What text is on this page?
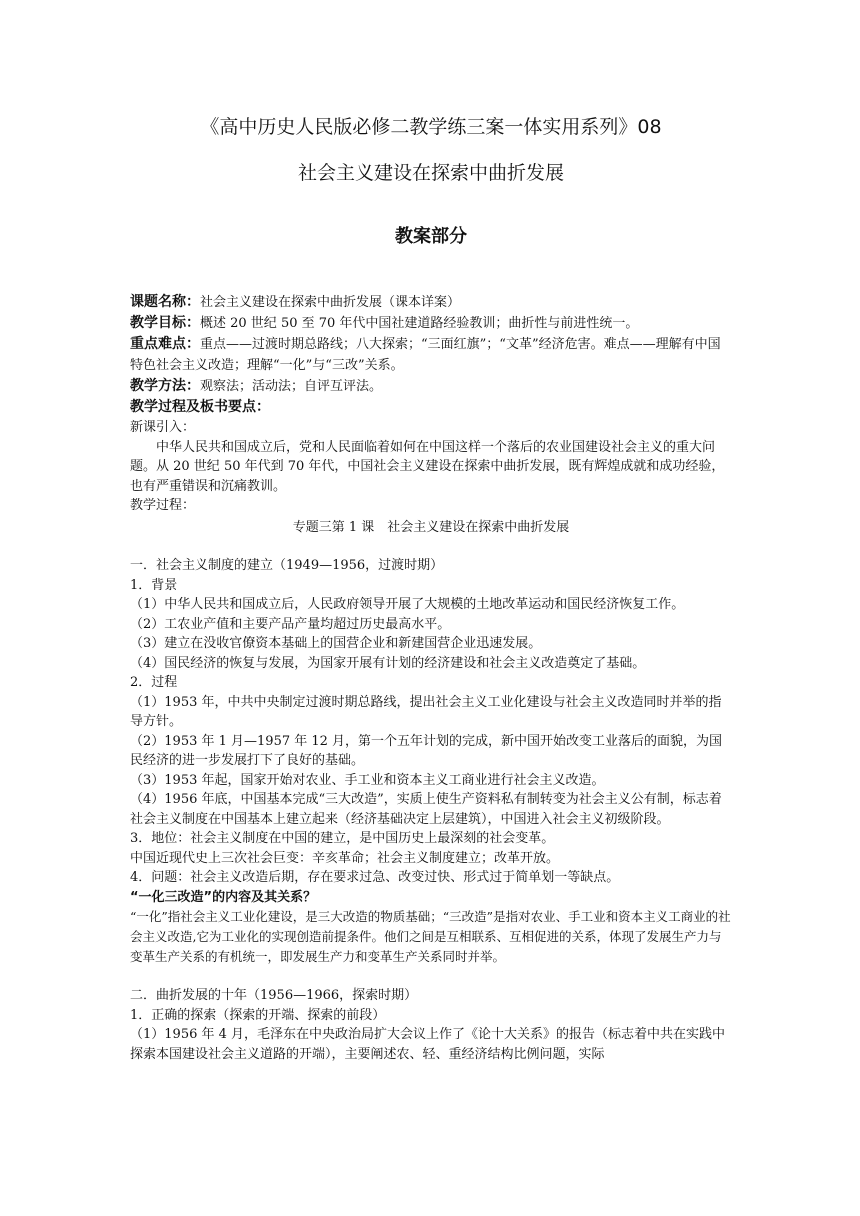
《高中历史人民版必修二教学练三案一体实用系列》08
社会主义建设在探索中曲折发展
教案部分
课题名称：社会主义建设在探索中曲折发展（课本详案）
教学目标：概述 20 世纪 50 至 70 年代中国社建道路经验教训；曲折性与前进性统一。
重点难点：重点——过渡时期总路线；八大探索；“三面红旗”；“文革”经济危害。难点——理解有中国特色社会主义改造；理解“一化”与“三改”关系。
教学方法：观察法；活动法；自评互评法。
教学过程及板书要点：

新课引入：

中华人民共和国成立后，党和人民面临着如何在中国这样一个落后的农业国建设社会主义的重大问题。从 20 世纪 50 年代到 70 年代，中国社会主义建设在探索中曲折发展，既有辉煌成就和成功经验，也有严重错误和沉痛教训。

教学过程：

专题三第 1 课　社会主义建设在探索中曲折发展

一．社会主义制度的建立（1949—1956，过渡时期）

1．背景

（1）中华人民共和国成立后，人民政府领导开展了大规模的土地改革运动和国民经济恢复工作。

（2）工农业产值和主要产品产量均超过历史最高水平。

（3）建立在没收官僚资本基础上的国营企业和新建国营企业迅速发展。

（4）国民经济的恢复与发展，为国家开展有计划的经济建设和社会主义改造奠定了基础。

2．过程

（1）1953 年，中共中央制定过渡时期总路线，提出社会主义工业化建设与社会主义改造同时并举的指导方针。

（2）1953 年 1 月—1957 年 12 月，第一个五年计划的完成，新中国开始改变工业落后的面貌，为国民经济的进一步发展打下了良好的基础。

（3）1953 年起，国家开始对农业、手工业和资本主义工商业进行社会主义改造。

（4）1956 年底，中国基本完成“三大改造”，实质上使生产资料私有制转变为社会主义公有制，标志着社会主义制度在中国基本上建立起来（经济基础决定上层建筑），中国进入社会主义初级阶段。

3．地位：社会主义制度在中国的建立，是中国历史上最深刻的社会变革。

中国近现代史上三次社会巨变：辛亥革命；社会主义制度建立；改革开放。

4．问题：社会主义改造后期，存在要求过急、改变过快、形式过于简单划一等缺点。

“一化三改造”的内容及其关系？

“一化”指社会主义工业化建设，是三大改造的物质基础；“三改造”是指对农业、手工业和资本主义工商业的社会主义改造,它为工业化的实现创造前提条件。他们之间是互相联系、互相促进的关系，体现了发展生产力与变革生产关系的有机统一，即发展生产力和变革生产关系同时并举。

二．曲折发展的十年（1956—1966，探索时期）

1．正确的探索（探索的开端、探索的前段）

（1）1956 年 4 月，毛泽东在中央政治局扩大会议上作了《论十大关系》的报告（标志着中共在实践中探索本国建设社会主义道路的开端），主要阐述农、轻、重经济结构比例问题，实际
